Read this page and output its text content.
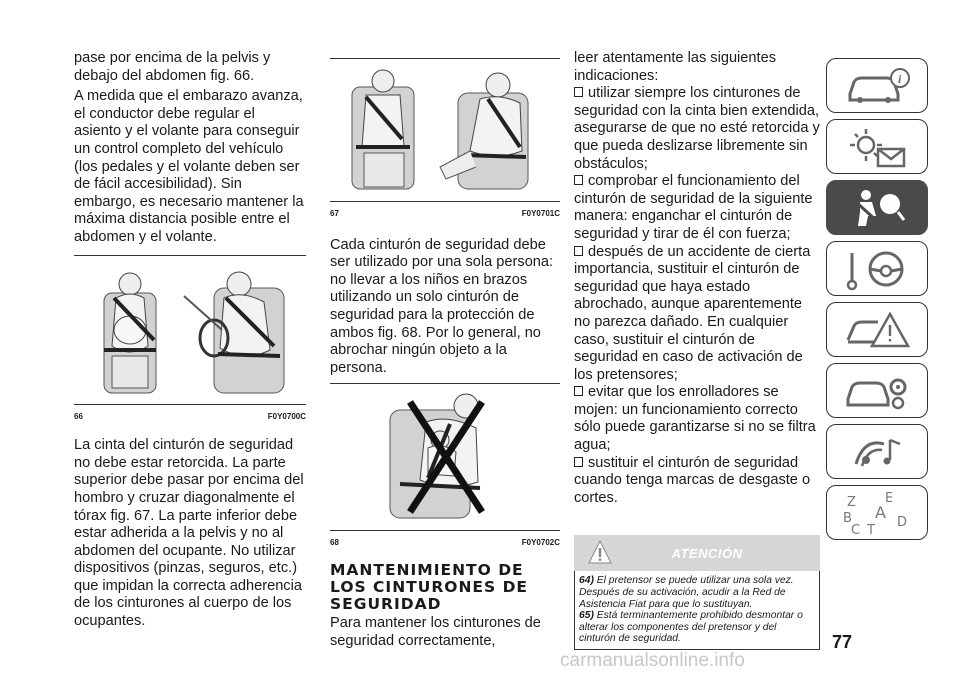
pase por encima de la pelvis y debajo del abdomen fig. 66.

A medida que el embarazo avanza, el conductor debe regular el asiento y el volante para conseguir un control completo del vehículo (los pedales y el volante deben ser de fácil accesibilidad). Sin embargo, es necesario mantener la máxima distancia posible entre el abdomen y el volante.

66	F0Y0700C

La cinta del cinturón de seguridad no debe estar retorcida. La parte superior debe pasar por encima del hombro y cruzar diagonalmente el tórax fig. 67. La parte inferior debe estar adherida a la pelvis y no al abdomen del ocupante. No utilizar dispositivos (pinzas, seguros, etc.) que impidan la correcta adherencia de los cinturones al cuerpo de los ocupantes.

67	F0Y0701C

Cada cinturón de seguridad debe ser utilizado por una sola persona: no llevar a los niños en brazos utilizando un solo cinturón de seguridad para la protección de ambos fig. 68. Por lo general, no abrochar ningún objeto a la persona.

68	F0Y0702C
MANTENIMIENTO DE LOS CINTURONES DE SEGURIDAD

Para mantener los cinturones de seguridad correctamente,

leer atentamente las siguientes indicaciones:

utilizar siempre los cinturones de seguridad con la cinta bien extendida, asegurarse de que no esté retorcida y que pueda deslizarse libremente sin obstáculos;

comprobar el funcionamiento del cinturón de seguridad de la siguiente manera: enganchar el cinturón de seguridad y tirar de él con fuerza;

después de un accidente de cierta importancia, sustituir el cinturón de seguridad que haya estado abrochado, aunque aparentemente no parezca dañado. En cualquier caso, sustituir el cinturón de seguridad en caso de activación de los pretensores;

evitar que los enrolladores se mojen: un funcionamiento correcto sólo puede garantizarse si no se filtra agua;

sustituir el cinturón de seguridad cuando tenga marcas de desgaste o cortes.

ATENCIÓN

64) El pretensor se puede utilizar una sola vez. Después de su activación, acudir a la Red de Asistencia Fiat para que lo sustituyan.

65) Está terminantemente prohibido desmontar o alterar los componentes del pretensor y del cinturón de seguridad.

i
Z E
A
B
C
D
T
77
carmanualsonline.info
